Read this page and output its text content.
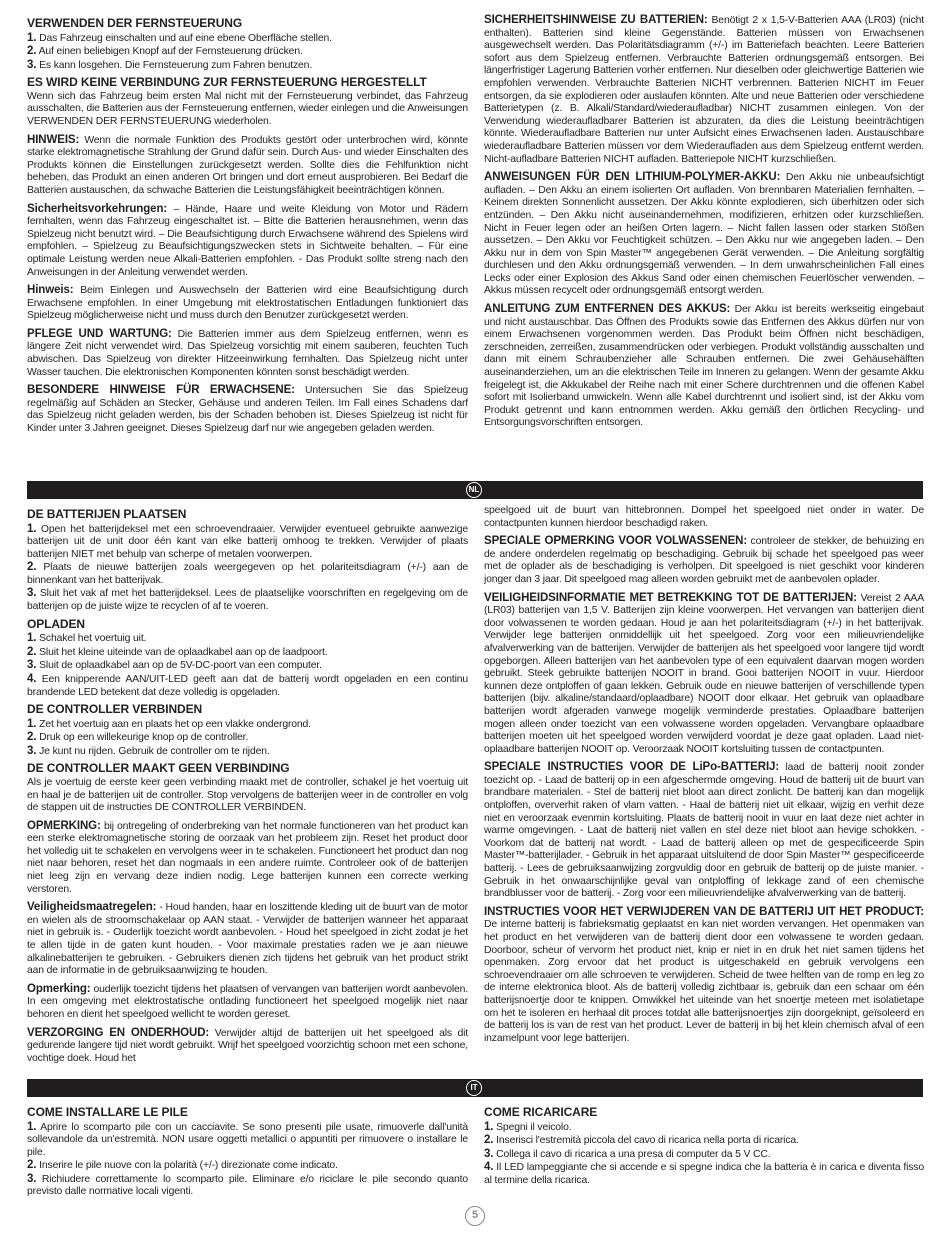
VERWENDEN DER FERNSTEUERUNG

1. Das Fahrzeug einschalten und auf eine ebene Oberfläche stellen.

2. Auf einen beliebigen Knopf auf der Fernsteuerung drücken.

3. Es kann losgehen. Die Fernsteuerung zum Fahren benutzen.

ES WIRD KEINE VERBINDUNG ZUR FERNSTEUERUNG HERGESTELLT

Wenn sich das Fahrzeug beim ersten Mal nicht mit der Fernsteuerung verbindet, das Fahrzeug ausschalten, die Batterien aus der Fernsteuerung entfernen, wieder einlegen und die Anweisungen VERWENDEN DER FERNSTEUERUNG wiederholen.

HINWEIS: Wenn die normale Funktion des Produkts gestört oder unterbrochen wird, könnte starke elektromagnetische Strahlung der Grund dafür sein. Durch Aus- und wieder Einschalten des Produkts können die Einstellungen zurückgesetzt werden. Sollte dies die Fehlfunktion nicht beheben, das Produkt an einen anderen Ort bringen und dort erneut ausprobieren. Bei Bedarf die Batterien austauschen, da schwache Batterien die Leistungsfähigkeit beeinträchtigen können.

Sicherheitsvorkehrungen: – Hände, Haare und weite Kleidung von Motor und Rädern fernhalten, wenn das Fahrzeug eingeschaltet ist. – Bitte die Batterien herausnehmen, wenn das Spielzeug nicht benutzt wird. – Die Beaufsichtigung durch Erwachsene während des Spielens wird empfohlen. – Spielzeug zu Beaufsichtigungszwecken stets in Sichtweite behalten. – Für eine optimale Leistung werden neue Alkali-Batterien empfohlen. - Das Produkt sollte streng nach den Anweisungen in der Anleitung verwendet werden.

Hinweis: Beim Einlegen und Auswechseln der Batterien wird eine Beaufsichtigung durch Erwachsene empfohlen. In einer Umgebung mit elektrostatischen Entladungen funktioniert das Spielzeug möglicherweise nicht und muss durch den Benutzer zurückgesetzt werden.

PFLEGE UND WARTUNG: Die Batterien immer aus dem Spielzeug entfernen, wenn es längere Zeit nicht verwendet wird. Das Spielzeug vorsichtig mit einem sauberen, feuchten Tuch abwischen. Das Spielzeug von direkter Hitzeeinwirkung fernhalten. Das Spielzeug nicht unter Wasser tauchen. Die elektronischen Komponenten könnten sonst beschädigt werden.

BESONDERE HINWEISE FÜR ERWACHSENE: Untersuchen Sie das Spielzeug regelmäßig auf Schäden an Stecker, Gehäuse und anderen Teilen. Im Fall eines Schadens darf das Spielzeug nicht geladen werden, bis der Schaden behoben ist. Dieses Spielzeug ist nicht für Kinder unter 3 Jahren geeignet. Dieses Spielzeug darf nur wie angegeben geladen werden.

SICHERHEITSHINWEISE ZU BATTERIEN: Benötigt 2 x 1,5-V-Batterien AAA (LR03) (nicht enthalten). Batterien sind kleine Gegenstände. Batterien müssen von Erwachsenen ausgewechselt werden. Das Polaritätsdiagramm (+/-) im Batteriefach beachten. Leere Batterien sofort aus dem Spielzeug entfernen. Verbrauchte Batterien ordnungsgemäß entsorgen. Bei längerfristiger Lagerung Batterien vorher entfernen. Nur dieselben oder gleichwertige Batterien wie empfohlen verwenden. Verbrauchte Batterien NICHT verbrennen. Batterien NICHT im Feuer entsorgen, da sie explodieren oder auslaufen könnten. Alte und neue Batterien oder verschiedene Batterietypen (z. B. Alkali/Standard/wiederaufladbar) NICHT zusammen einlegen. Von der Verwendung wiederaufladbarer Batterien ist abzuraten, da dies die Leistung beeinträchtigen könnte. Wiederaufladbare Batterien nur unter Aufsicht eines Erwachsenen laden. Austauschbare wiederaufladbare Batterien müssen vor dem Wiederaufladen aus dem Spielzeug entfernt werden. Nicht-aufladbare Batterien NICHT aufladen. Batteriepole NICHT kurzschließen.

ANWEISUNGEN FÜR DEN LITHIUM-POLYMER-AKKU: Den Akku nie unbeaufsichtigt aufladen. – Den Akku an einem isolierten Ort aufladen. Von brennbaren Materialien fernhalten. – Keinem direkten Sonnenlicht aussetzen. Der Akku könnte explodieren, sich überhitzen oder sich entzünden. – Den Akku nicht auseinandernehmen, modifizieren, erhitzen oder kurzschließen. Nicht in Feuer legen oder an heißen Orten lagern. – Nicht fallen lassen oder starken Stößen aussetzen. – Den Akku vor Feuchtigkeit schützen. – Den Akku nur wie angegeben laden. – Den Akku nur in dem von Spin Master™ angegebenen Gerät verwenden. – Die Anleitung sorgfältig durchlesen und den Akku ordnungsgemäß verwenden. – In dem unwahrscheinlichen Fall eines Lecks oder einer Explosion des Akkus Sand oder einen chemischen Feuerlöscher verwenden. – Akkus müssen recycelt oder ordnungsgemäß entsorgt werden.

ANLEITUNG ZUM ENTFERNEN DES AKKUS: Der Akku ist bereits werkseitig eingebaut und nicht austauschbar. Das Öffnen des Produkts sowie das Entfernen des Akkus dürfen nur von einem Erwachsenen vorgenommen werden. Das Produkt beim Öffnen nicht beschädigen, zerschneiden, zerreißen, zusammendrücken oder verbiegen. Produkt vollständig ausschalten und dann mit einem Schraubenzieher alle Schrauben entfernen. Die zwei Gehäusehälften auseinanderziehen, um an die elektrischen Teile im Inneren zu gelangen. Wenn der gesamte Akku freigelegt ist, die Akkukabel der Reihe nach mit einer Schere durchtrennen und die offenen Kabel sofort mit Isolierband umwickeln. Wenn alle Kabel durchtrennt und isoliert sind, ist der Akku vom Produkt getrennt und kann entnommen werden. Akku gemäß den örtlichen Recycling- und Entsorgungsvorschriften entsorgen.

NL
DE BATTERIJEN PLAATSEN

1. Open het batterijdeksel met een schroevendraaier. Verwijder eventueel gebruikte aanwezige batterijen uit de unit door één kant van elke batterij omhoog te trekken. Verwijder of plaats batterijen NIET met behulp van scherpe of metalen voorwerpen.

2. Plaats de nieuwe batterijen zoals weergegeven op het polariteitsdiagram (+/-) aan de binnenkant van het batterijvak.

3. Sluit het vak af met het batterijdeksel. Lees de plaatselijke voorschriften en regelgeving om de batterijen op de juiste wijze te recyclen of af te voeren.

OPLADEN

1. Schakel het voertuig uit.

2. Sluit het kleine uiteinde van de oplaadkabel aan op de laadpoort.

3. Sluit de oplaadkabel aan op de 5V-DC-poort van een computer.

4. Een knipperende AAN/UIT-LED geeft aan dat de batterij wordt opgeladen en een continu brandende LED betekent dat deze volledig is opgeladen.

DE CONTROLLER VERBINDEN

1. Zet het voertuig aan en plaats het op een vlakke ondergrond.

2. Druk op een willekeurige knop op de controller.

3. Je kunt nu rijden. Gebruik de controller om te rijden.

DE CONTROLLER MAAKT GEEN VERBINDING

Als je voertuig de eerste keer geen verbinding maakt met de controller, schakel je het voertuig uit en haal je de batterijen uit de controller. Stop vervolgens de batterijen weer in de controller en volg de stappen uit de instructies DE CONTROLLER VERBINDEN.

OPMERKING: bij ontregeling of onderbreking van het normale functioneren van het product kan een sterke elektromagnetische storing de oorzaak van het probleem zijn. Reset het product door het volledig uit te schakelen en vervolgens weer in te schakelen. Functioneert het product dan nog niet naar behoren, reset het dan nogmaals in een andere ruimte. Controleer ook of de batterijen niet leeg zijn en vervang deze indien nodig. Lege batterijen kunnen een correcte werking verstoren.

Veiligheidsmaatregelen: - Houd handen, haar en loszittende kleding uit de buurt van de motor en wielen als de stroomschakelaar op AAN staat. - Verwijder de batterijen wanneer het apparaat niet in gebruik is. - Ouderlijk toezicht wordt aanbevolen. - Houd het speelgoed in zicht zodat je het te allen tijde in de gaten kunt houden. - Voor maximale prestaties raden we je aan nieuwe alkalinebatterijen te gebruiken. - Gebruikers dienen zich tijdens het gebruik van het product strikt aan de informatie in de gebruiksaanwijzing te houden.

Opmerking: ouderlijk toezicht tijdens het plaatsen of vervangen van batterijen wordt aanbevolen. In een omgeving met elektrostatische ontlading functioneert het speelgoed mogelijk niet naar behoren en dient het speelgoed wellicht te worden gereset.

VERZORGING EN ONDERHOUD: Verwijder altijd de batterijen uit het speelgoed als dit gedurende langere tijd niet wordt gebruikt. Wrijf het speelgoed voorzichtig schoon met een schone, vochtige doek. Houd het

speelgoed uit de buurt van hittebronnen. Dompel het speelgoed niet onder in water. De contactpunten kunnen hierdoor beschadigd raken.

SPECIALE OPMERKING VOOR VOLWASSENEN: controleer de stekker, de behuizing en de andere onderdelen regelmatig op beschadiging. Gebruik bij schade het speelgoed pas weer met de oplader als de beschadiging is verholpen. Dit speelgoed is niet geschikt voor kinderen jonger dan 3 jaar. Dit speelgoed mag alleen worden gebruikt met de aanbevolen oplader.

VEILIGHEIDSINFORMATIE MET BETREKKING TOT DE BATTERIJEN: Vereist 2 AAA (LR03) batterijen van 1,5 V. Batterijen zijn kleine voorwerpen. Het vervangen van batterijen dient door volwassenen te worden gedaan. Houd je aan het polariteitsdiagram (+/-) in het batterijvak. Verwijder lege batterijen onmiddellijk uit het speelgoed. Zorg voor een milieuvriendelijke afvalverwerking van de batterijen. Verwijder de batterijen als het speelgoed voor langere tijd wordt opgeborgen. Alleen batterijen van het aanbevolen type of een equivalent daarvan mogen worden gebruikt. Steek gebruikte batterijen NOOIT in brand. Gooi batterijen NOOIT in vuur. Hierdoor kunnen deze ontploffen of gaan lekken. Gebruik oude en nieuwe batterijen of verschillende typen batterijen (bijv. alkaline/standaard/oplaadbare) NOOIT door elkaar. Het gebruik van oplaadbare batterijen wordt afgeraden vanwege mogelijk verminderde prestaties. Oplaadbare batterijen mogen alleen onder toezicht van een volwassene worden opgeladen. Vervangbare oplaadbare batterijen moeten uit het speelgoed worden verwijderd voordat je deze gaat opladen. Laad niet-oplaadbare batterijen NOOIT op. Veroorzaak NOOIT kortsluiting tussen de contactpunten.

SPECIALE INSTRUCTIES VOOR DE LiPo-BATTERIJ: laad de batterij nooit zonder toezicht op. - Laad de batterij op in een afgeschermde omgeving. Houd de batterij uit de buurt van brandbare materialen. - Stel de batterij niet bloot aan direct zonlicht. De batterij kan dan mogelijk ontploffen, oververhit raken of vlam vatten. - Haal de batterij niet uit elkaar, wijzig en verhit deze niet en veroorzaak evenmin kortsluiting. Plaats de batterij nooit in vuur en laat deze niet achter in warme omgevingen. - Laat de batterij niet vallen en stel deze niet bloot aan hevige schokken. - Voorkom dat de batterij nat wordt. - Laad de batterij alleen op met de gespecificeerde Spin Master™-batterijlader. - Gebruik in het apparaat uitsluitend de door Spin Master™ gespecificeerde batterij. - Lees de gebruiksaanwijzing zorgvuldig door en gebruik de batterij op de juiste manier. - Gebruik in het onwaarschijnlijke geval van ontploffing of lekkage zand of een chemische brandblusser voor de batterij. - Zorg voor een milieuvriendelijke afvalverwerking van de batterij.

INSTRUCTIES VOOR HET VERWIJDEREN VAN DE BATTERIJ UIT HET PRODUCT: De interne batterij is fabrieksmatig geplaatst en kan niet worden vervangen. Het openmaken van het product en het verwijderen van de batterij dient door een volwassene te worden gedaan. Doorboor, scheur of vervorm het product niet, knip er niet in en druk het niet samen tijdens het openmaken. Zorg ervoor dat het product is uitgeschakeld en gebruik vervolgens een schroevendraaier om alle schroeven te verwijderen. Scheid de twee helften van de romp en leg zo de interne elektronica bloot. Als de batterij volledig zichtbaar is, gebruik dan een schaar om één batterijsnoertje door te knippen. Omwikkel het uiteinde van het snoertje meteen met isolatietape om het te isoleren en herhaal dit proces totdat alle batterijsnoertjes zijn doorgeknipt, geïsoleerd en de batterij los is van de rest van het product. Lever de batterij in bij het klein chemisch afval of een inzamelpunt voor lege batterijen.

IT
COME INSTALLARE LE PILE

1. Aprire lo scomparto pile con un cacciavite. Se sono presenti pile usate, rimuoverle dall'unità sollevandole da un'estremità. NON usare oggetti metallici o appuntiti per rimuovere o installare le pile.

2. Inserire le pile nuove con la polarità (+/-) direzionate come indicato.

3. Richiudere correttamente lo scomparto pile. Eliminare e/o riciclare le pile secondo quanto previsto dalle normative locali vigenti.

COME RICARICARE

1. Spegni il veicolo.

2. Inserisci l'estremità piccola del cavo di ricarica nella porta di ricarica.

3. Collega il cavo di ricarica a una presa di computer da 5 V CC.

4. Il LED lampeggiante che si accende e si spegne indica che la batteria è in carica e diventa fisso al termine della ricarica.

5
